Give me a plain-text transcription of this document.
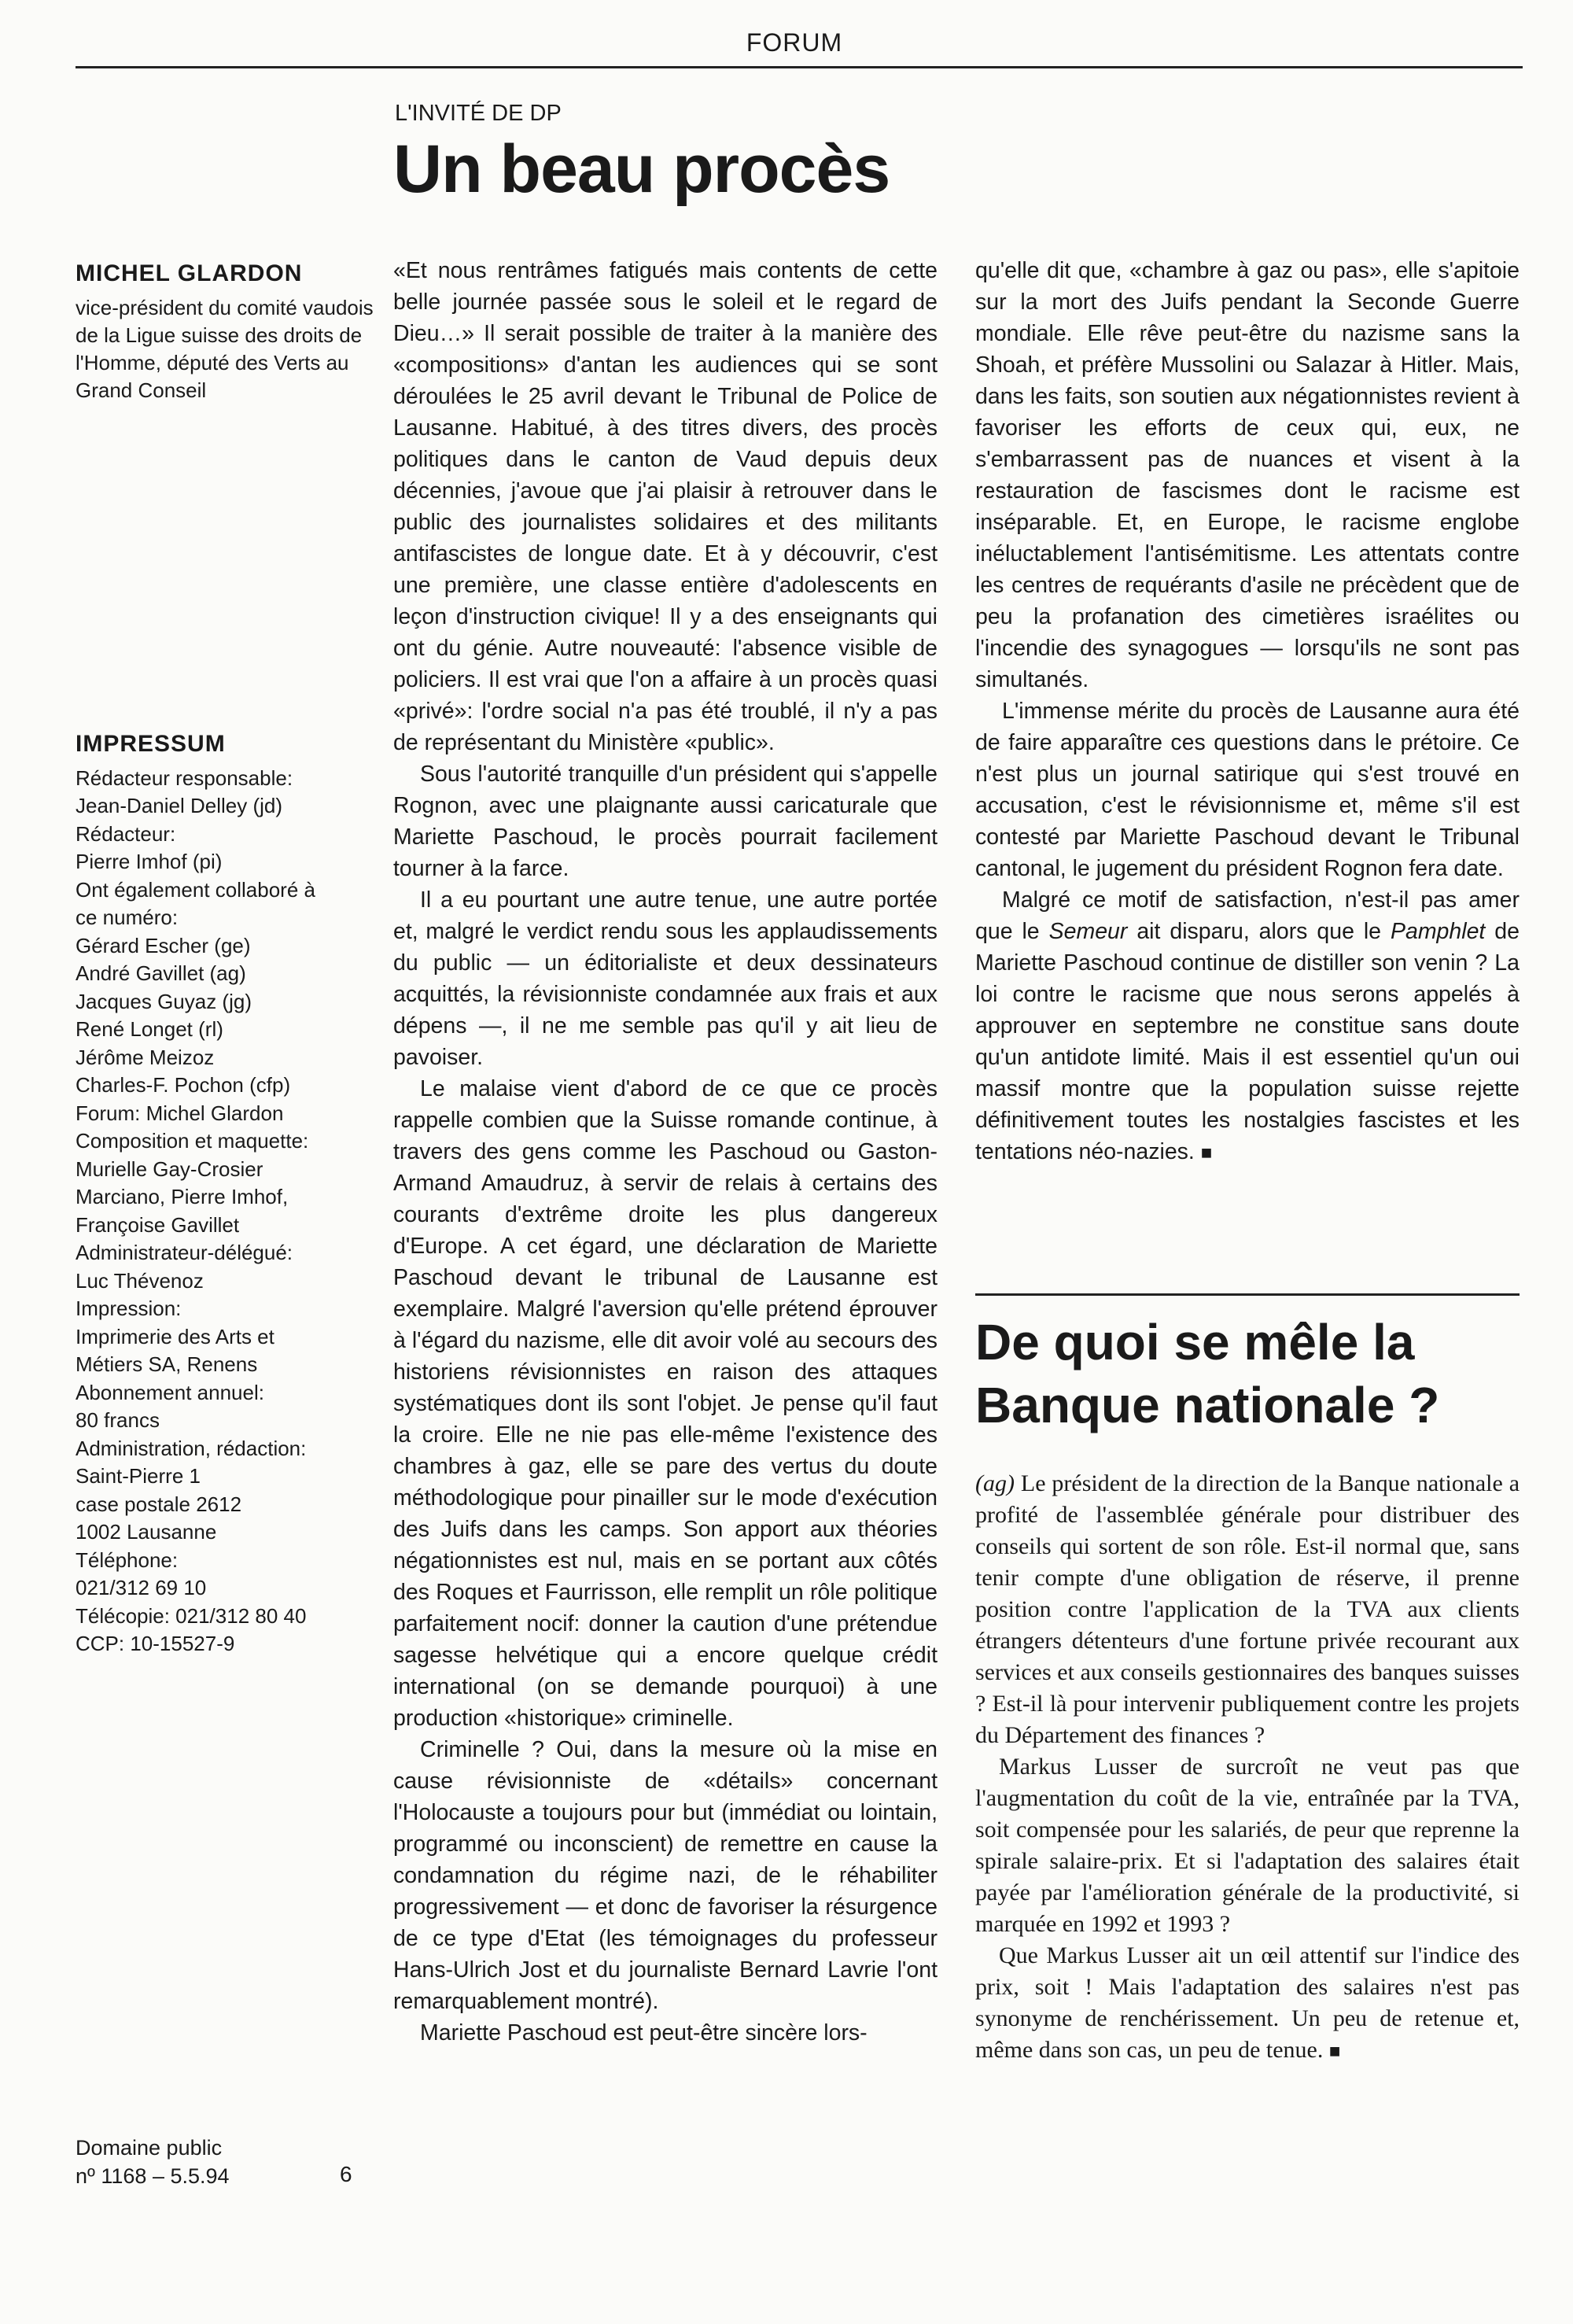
FORUM
L'INVITÉ DE DP
Un beau procès

MICHEL GLARDON

vice-président du comité vaudois de la Ligue suisse des droits de l'Homme, député des Verts au Grand Conseil

IMPRESSUM

Rédacteur responsable:

Jean-Daniel Delley (jd)

Rédacteur:

Pierre Imhof (pi)

Ont également collaboré à

ce numéro:

Gérard Escher (ge)

André Gavillet (ag)

Jacques Guyaz (jg)

René Longet (rl)

Jérôme Meizoz

Charles-F. Pochon (cfp)

Forum: Michel Glardon

Composition et maquette:

Murielle Gay-Crosier

Marciano, Pierre Imhof,

Françoise Gavillet

Administrateur-délégué:

Luc Thévenoz

Impression:

Imprimerie des Arts et

Métiers SA, Renens

Abonnement annuel:

80 francs

Administration, rédaction:

Saint-Pierre 1

case postale 2612

1002 Lausanne

Téléphone:

021/312 69 10

Télécopie: 021/312 80 40

CCP: 10-15527-9

Domaine public

nº 1168 – 5.5.94	6

«Et nous rentrâmes fatigués mais contents de cette belle journée passée sous le soleil et le regard de Dieu…» Il serait possible de traiter à la manière des «compositions» d'antan les audiences qui se sont déroulées le 25 avril devant le Tribunal de Police de Lausanne. Habitué, à des titres divers, des procès politiques dans le canton de Vaud depuis deux décennies, j'avoue que j'ai plaisir à retrouver dans le public des journalistes solidaires et des militants antifascistes de longue date. Et à y découvrir, c'est une première, une classe entière d'adolescents en leçon d'instruction civique! Il y a des enseignants qui ont du génie. Autre nouveauté: l'absence visible de policiers. Il est vrai que l'on a affaire à un procès quasi «privé»: l'ordre social n'a pas été troublé, il n'y a pas de représentant du Ministère «public».

Sous l'autorité tranquille d'un président qui s'appelle Rognon, avec une plaignante aussi caricaturale que Mariette Paschoud, le procès pourrait facilement tourner à la farce.

Il a eu pourtant une autre tenue, une autre portée et, malgré le verdict rendu sous les applaudissements du public — un éditorialiste et deux dessinateurs acquittés, la révisionniste condamnée aux frais et aux dépens —, il ne me semble pas qu'il y ait lieu de pavoiser.

Le malaise vient d'abord de ce que ce procès rappelle combien que la Suisse romande continue, à travers des gens comme les Paschoud ou Gaston-Armand Amaudruz, à servir de relais à certains des courants d'extrême droite les plus dangereux d'Europe. A cet égard, une déclaration de Mariette Paschoud devant le tribunal de Lausanne est exemplaire. Malgré l'aversion qu'elle prétend éprouver à l'égard du nazisme, elle dit avoir volé au secours des historiens révisionnistes en raison des attaques systématiques dont ils sont l'objet. Je pense qu'il faut la croire. Elle ne nie pas elle-même l'existence des chambres à gaz, elle se pare des vertus du doute méthodologique pour pinailler sur le mode d'exécution des Juifs dans les camps. Son apport aux théories négationnistes est nul, mais en se portant aux côtés des Roques et Faurrisson, elle remplit un rôle politique parfaitement nocif: donner la caution d'une prétendue sagesse helvétique qui a encore quelque crédit international (on se demande pourquoi) à une production «historique» criminelle.

Criminelle ? Oui, dans la mesure où la mise en cause révisionniste de «détails» concernant l'Holocauste a toujours pour but (immédiat ou lointain, programmé ou inconscient) de remettre en cause la condamnation du régime nazi, de le réhabiliter progressivement — et donc de favoriser la résurgence de ce type d'Etat (les témoignages du professeur Hans-Ulrich Jost et du journaliste Bernard Lavrie l'ont remarquablement montré).

Mariette Paschoud est peut-être sincère lors-

qu'elle dit que, «chambre à gaz ou pas», elle s'apitoie sur la mort des Juifs pendant la Seconde Guerre mondiale. Elle rêve peut-être du nazisme sans la Shoah, et préfère Mussolini ou Salazar à Hitler. Mais, dans les faits, son soutien aux négationnistes revient à favoriser les efforts de ceux qui, eux, ne s'embarrassent pas de nuances et visent à la restauration de fascismes dont le racisme est inséparable. Et, en Europe, le racisme englobe inéluctablement l'antisémitisme. Les attentats contre les centres de requérants d'asile ne précèdent que de peu la profanation des cimetières israélites ou l'incendie des synagogues — lorsqu'ils ne sont pas simultanés.

L'immense mérite du procès de Lausanne aura été de faire apparaître ces questions dans le prétoire. Ce n'est plus un journal satirique qui s'est trouvé en accusation, c'est le révisionnisme et, même s'il est contesté par Mariette Paschoud devant le Tribunal cantonal, le jugement du président Rognon fera date.

Malgré ce motif de satisfaction, n'est-il pas amer que le Semeur ait disparu, alors que le Pamphlet de Mariette Paschoud continue de distiller son venin ? La loi contre le racisme que nous serons appelés à approuver en septembre ne constitue sans doute qu'un antidote limité. Mais il est essentiel qu'un oui massif montre que la population suisse rejette définitivement toutes les nostalgies fascistes et les tentations néo-nazies. ■

De quoi se mêle la Banque nationale ?

(ag) Le président de la direction de la Banque nationale a profité de l'assemblée générale pour distribuer des conseils qui sortent de son rôle. Est-il normal que, sans tenir compte d'une obligation de réserve, il prenne position contre l'application de la TVA aux clients étrangers détenteurs d'une fortune privée recourant aux services et aux conseils gestionnaires des banques suisses ? Est-il là pour intervenir publiquement contre les projets du Département des finances ?

Markus Lusser de surcroît ne veut pas que l'augmentation du coût de la vie, entraînée par la TVA, soit compensée pour les salariés, de peur que reprenne la spirale salaire-prix. Et si l'adaptation des salaires était payée par l'amélioration générale de la productivité, si marquée en 1992 et 1993 ?

Que Markus Lusser ait un œil attentif sur l'indice des prix, soit ! Mais l'adaptation des salaires n'est pas synonyme de renchérissement. Un peu de retenue et, même dans son cas, un peu de tenue. ■
